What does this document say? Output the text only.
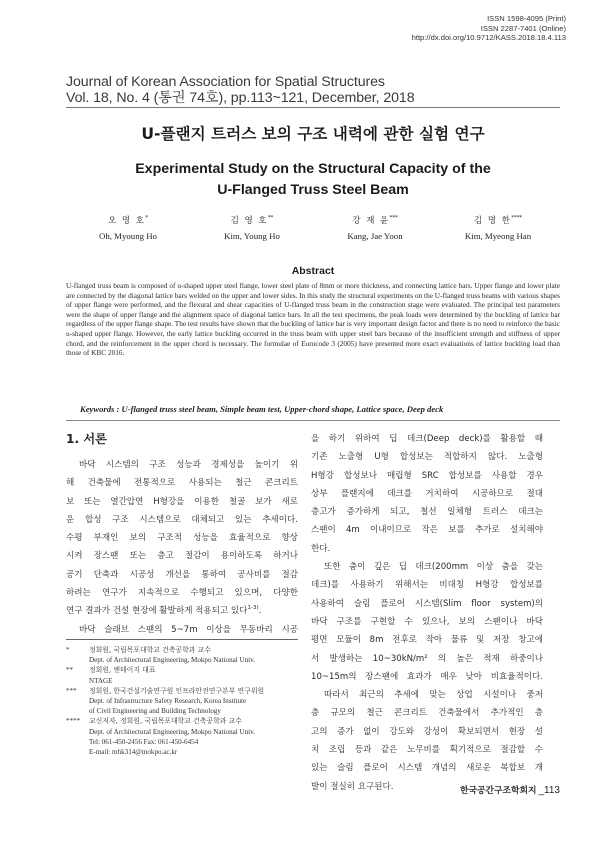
ISSN 1598-4095 (Print)
ISSN 2287-7401 (Online)
http://dx.doi.org/10.9712/KASS.2018.18.4.113
Journal of Korean Association for Spatial Structures
Vol. 18, No. 4 (통권 74호), pp.113~121, December, 2018
U-플랜지 트러스 보의 구조 내력에 관한 실험 연구
Experimental Study on the Structural Capacity of the
U-Flanged Truss Steel Beam
오 명 호*
Oh, Myoung Ho
김 영 호**
Kim, Young Ho
강 재 윤***
Kang, Jae Yoon
김 명 한****
Kim, Myeong Han
Abstract
U-flanged truss beam is composed of u-shaped upper steel flange, lower steel plate of 8mm or more thickness, and connecting lattice bars. Upper flange and lower plate are connected by the diagonal lattice bars welded on the upper and lower sides. In this study the structural experiments on the U-flanged truss beams with various shapes of upper flange were performed, and the flexural and shear capacities of U-flanged truss beam in the construction stage were evaluated. The principal test parameters were the shape of upper flange and the alignment space of diagonal lattice bars. In all the test specimens, the peak loads were determined by the buckling of lattice bar regardless of the upper flange shape. The test results have shown that the buckling of lattice bar is very important design factor and there is no need to reinforce the basic u-shaped upper flange. However, the early lattice buckling occurred in the truss beam with upper steel bars because of the insufficient strength and stiffness of upper chord, and the reinforcement in the upper chord is necessary. The formulae of Eurocode 3 (2005) have presented more exact evaluations of lattice buckling load than those of KBC 2016.
Keywords : U-flanged truss steel beam, Simple beam test, Upper-chord shape, Lattice space, Deep deck
1. 서론
바닥 시스템의 구조 성능과 경제성을 높이기 위
해 건축물에 전통적으로 사용되는 철근 콘크리트
보 또는 열간압연 H형강을 이용한 철골 보가 새로
운 합성 구조 시스템으로 대체되고 있는 추세이다.
수평 부재인 보의 구조적 성능을 효율적으로 향상
시켜 장스팬 또는 층고 절감이 용이하도록 하거나
공기 단축과 시공성 개선을 통하여 공사비를 절감
하려는 연구가 지속적으로 수행되고 있으며, 다양한
연구 결과가 건설 현장에 활발하게 적용되고 있다$^{1-3)}$.
바닥 슬래브 스팬의 5~7m 이상을 무동바리 시공
*	정회원, 국립목포대학교 건축공학과 교수
Dept. of Architectural Engineering, Mokpo National Univ.
** 정회원, 엔테이지 대표
NTAGE
*** 정회원, 한국건설기술연구원 인프라안전연구본부 연구위원
Dept. of Infrastructure Safety Research, Korea Institute
of Civil Engineering and Building Technology
**** 교신저자, 정회원, 국립목포대학교 건축공학과 교수
Dept. of Architectural Engineering, Mokpo National Univ.
Tel: 061-450-2456 Fax: 061-450-6454
E-mail: mhk314@mokpo.ac.kr
을 하기 위하여 딥 데크(Deep deck)를 활용할 때
기존 노출형 U형 합성보는 적합하지 않다. 노출형
H형강 합성보나 매립형 SRC 합성보를 사용할 경우
상부 플랜지에 데크를 거치하여 시공하므로 절대
층고가 증가하게 되고, 철선 일체형 트러스 데크는
스팬이 4m 이내이므로 작은 보를 추가로 설치해야
한다.
또한 춤이 깊은 딥 데크(200mm 이상 춤을 갖는
데크)를 사용하기 위해서는 비대칭 H형강 합성보를
사용하여 슬림 플로어 시스템(Slim floor system)의
바닥 구조를 구현할 수 있으나, 보의 스팬이나 바닥
평면 모듈이 8m 전후로 작아 물류 및 저장 창고에
서 발생하는 10~30kN/m² 의 높은 적재 하중이나
10~15m의 장스팬에 효과가 매우 낮아 비효율적이다.
따라서 최근의 추세에 맞는 상업 시설이나 중저
층 규모의 철근 콘크리트 건축물에서 추가적인 층
고의 증가 없이 강도와 강성이 확보되면서 현장 설
치 조립 등과 같은 노무비를 획기적으로 절감할 수
있는 슬림 플로어 시스템 개념의 새로운 복합보 개
발이 절실히 요구된다.	한국공간구조학회지 _113
